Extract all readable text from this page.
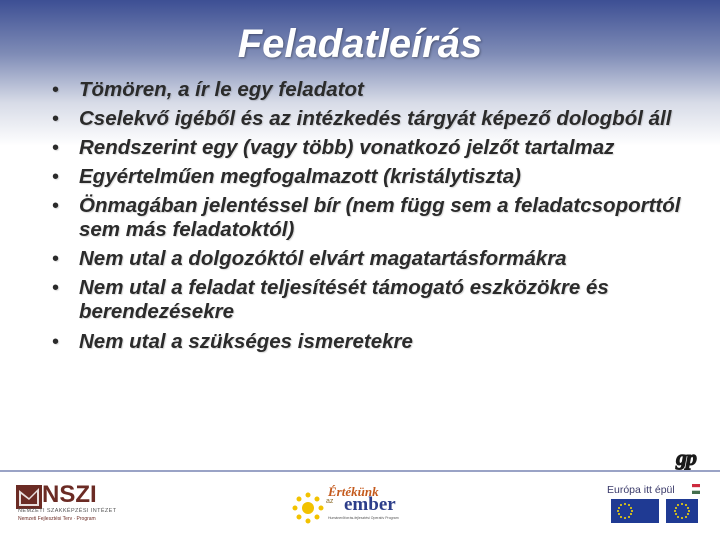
Feladatleírás
• Tömören, a ír le egy feladatot
• Cselekvő igéből és az intézkedés tárgyát képező dologból áll
• Rendszerint egy (vagy több) vonatkozó jelzőt tartalmaz
• Egyértelműen megfogalmazott (kristálytiszta)
• Önmagában jelentéssel bír (nem függ sem a feladatcsoporttól sem más feladatoktól)
• Nem utal a dolgozóktól elvárt magatartásformákra
• Nem utal a feladat teljesítését támogató eszközökre és berendezésekre
• Nem utal a szükséges ismeretekre
gp
NSZI
NEMZETI SZAKKÉPZÉSI INTÉZET
Nemzeti Fejlesztési Terv · Program
Értékünk
az ember
Humánerőforrás-fejlesztési Operatív Program
Európa itt épül
